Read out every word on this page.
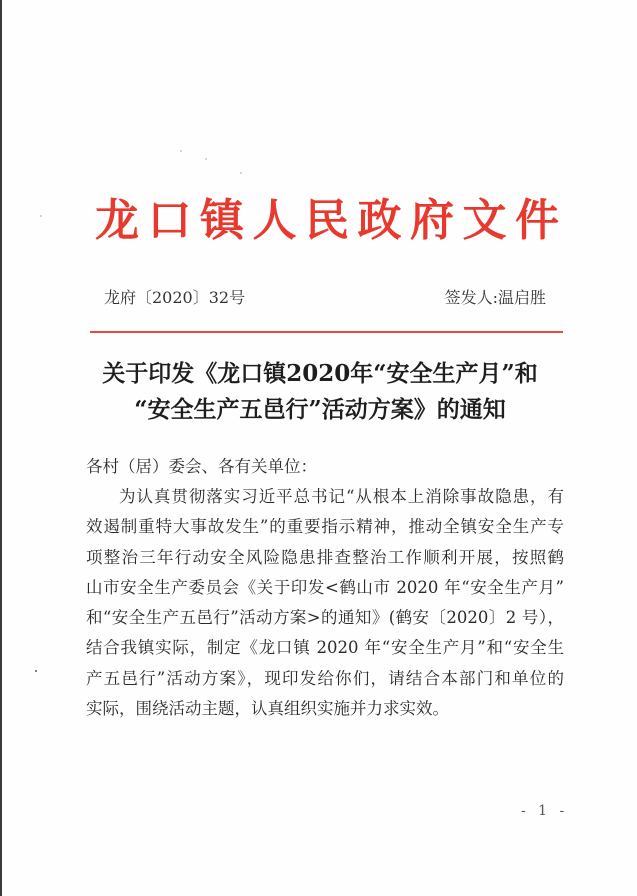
龙 口 镇 人 民 政 府 文 件
龙府〔2020〕32号	签发人:温启胜
关于印发《龙口镇2020年“安全生产月”和
“安全生产五邑行”活动方案》的通知
各村（居）委会、各有关单位：
为认真贯彻落实习近平总书记“从根本上消除事故隐患，有
效遏制重特大事故发生”的重要指示精神，推动全镇安全生产专
项整治三年行动安全风险隐患排查整治工作顺利开展，按照鹤
山市安全生产委员会《关于印发<鹤山市 2020 年“安全生产月”
和“安全生产五邑行”活动方案>的通知》(鹤安〔2020〕2 号），
结合我镇实际，制定《龙口镇 2020 年“安全生产月”和“安全生
产五邑行”活动方案》，现印发给你们，请结合本部门和单位的
实际，围绕活动主题，认真组织实施并力求实效。
- 1 -
